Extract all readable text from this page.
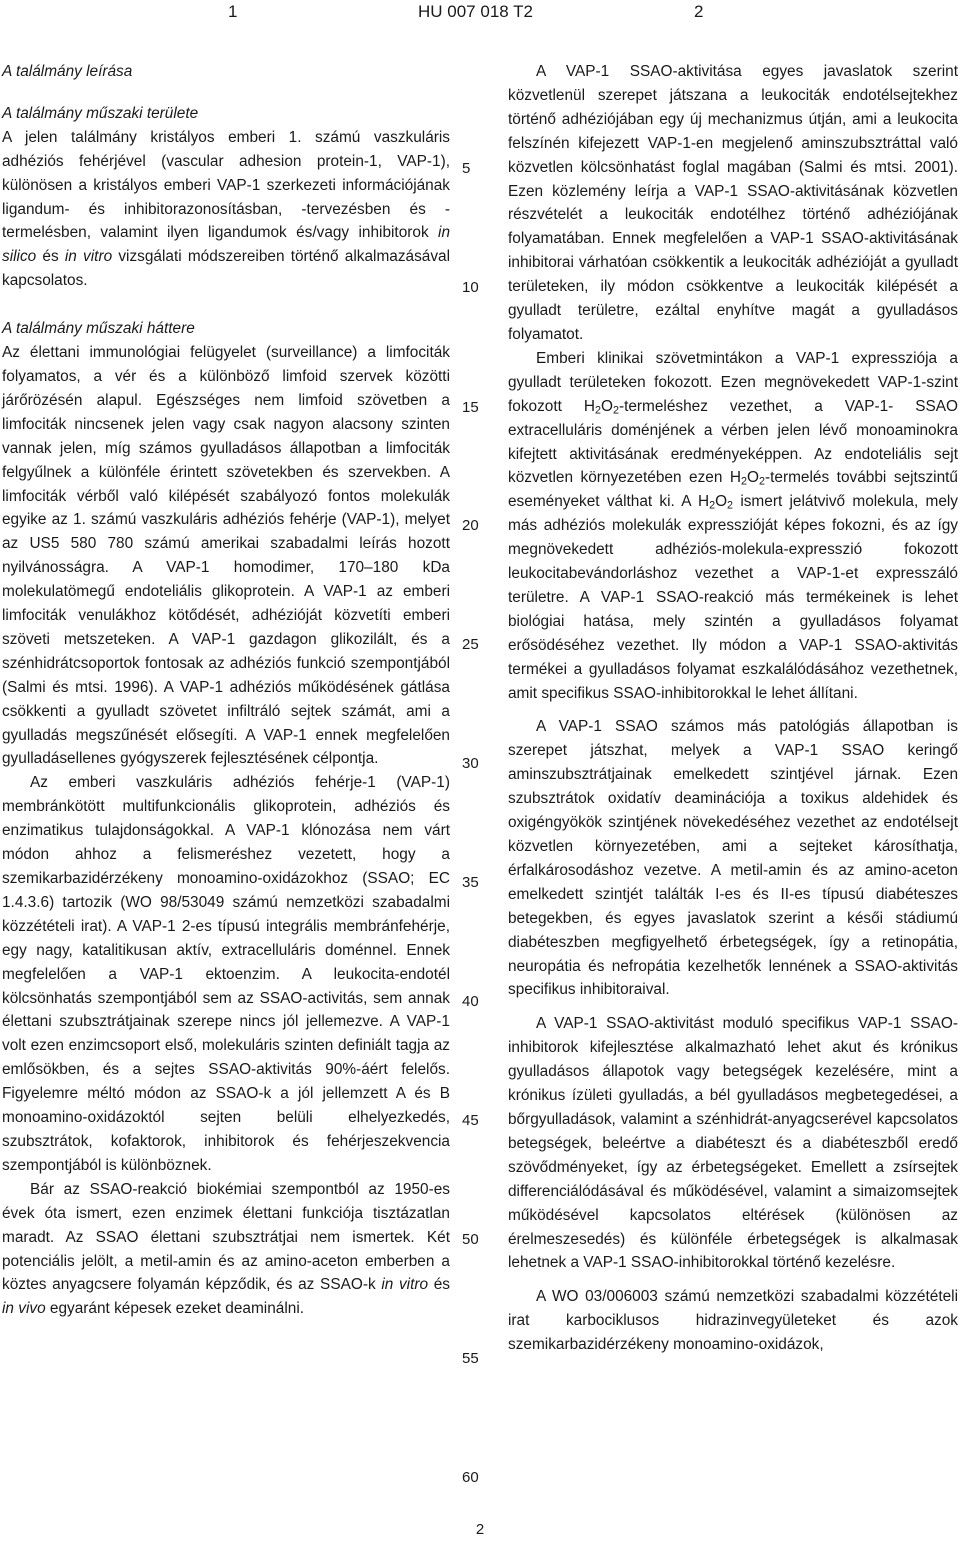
1	HU 007 018 T2	2

A találmány leírása

A találmány műszaki területe

A jelen találmány kristályos emberi 1. számú vaszkuláris adhéziós fehérjével (vascular adhesion protein-1, VAP-1), különösen a kristályos emberi VAP-1 szerkezeti információjának ligandum- és inhibitorazonosításban, -tervezésben és -termelésben, valamint ilyen ligandumok és/vagy inhibitorok in silico és in vitro vizsgálati módszereiben történő alkalmazásával kapcsolatos.

A találmány műszaki háttere

Az élettani immunológiai felügyelet (surveillance) a limfociták folyamatos, a vér és a különböző limfoid szervek közötti járőrözésén alapul. Egészséges nem limfoid szövetben a limfociták nincsenek jelen vagy csak nagyon alacsony szinten vannak jelen, míg számos gyulladásos állapotban a limfociták felgyűlnek a különféle érintett szövetekben és szervekben. A limfociták vérből való kilépését szabályozó fontos molekulák egyike az 1. számú vaszkuláris adhéziós fehérje (VAP-1), melyet az US5 580 780 számú amerikai szabadalmi leírás hozott nyilvánosságra. A VAP-1 homodimer, 170–180 kDa molekulatömegű endoteliális glikoprotein. A VAP-1 az emberi limfociták venulákhoz kötődését, adhézióját közvetíti emberi szöveti metszeteken. A VAP-1 gazdagon glikozilált, és a szénhidrátcsoportok fontosak az adhéziós funkció szempontjából (Salmi és mtsi. 1996). A VAP-1 adhéziós működésének gátlása csökkenti a gyulladt szövetet infiltráló sejtek számát, ami a gyulladás megszűnését elősegíti. A VAP-1 ennek megfelelően gyulladásellenes gyógyszerek fejlesztésének célpontja.

Az emberi vaszkuláris adhéziós fehérje-1 (VAP-1) membránkötött multifunkcionális glikoprotein, adhéziós és enzimatikus tulajdonságokkal. A VAP-1 klónozása nem várt módon ahhoz a felismeréshez vezetett, hogy a szemikarbazidérzékeny monoamino-oxidázokhoz (SSAO; EC 1.4.3.6) tartozik (WO 98/53049 számú nemzetközi szabadalmi közzétételi irat). A VAP-1 2-es típusú integrális membránfehérje, egy nagy, katalitikusan aktív, extracelluláris doménnel. Ennek megfelelően a VAP-1 ektoenzim. A leukocita-endotél kölcsönhatás szempontjából sem az SSAO-activitás, sem annak élettani szubsztrátjainak szerepe nincs jól jellemezve. A VAP-1 volt ezen enzimcsoport első, molekuláris szinten definiált tagja az emlősökben, és a sejtes SSAO-aktivitás 90%-áért felelős. Figyelemre méltó módon az SSAO-k a jól jellemzett A és B monoamino-oxidázoktól sejten belüli elhelyezkedés, szubsztrátok, kofaktorok, inhibitorok és fehérjeszekvencia szempontjából is különböznek.

Bár az SSAO-reakció biokémiai szempontból az 1950-es évek óta ismert, ezen enzimek élettani funkciója tisztázatlan maradt. Az SSAO élettani szubsztrátjai nem ismertek. Két potenciális jelölt, a metil-amin és az amino-aceton emberben a köztes anyagcsere folyamán képződik, és az SSAO-k in vitro és in vivo egyaránt képesek ezeket deaminálni.

A VAP-1 SSAO-aktivitása egyes javaslatok szerint közvetlenül szerepet játszana a leukociták endotélsejtekhez történő adhéziójában egy új mechanizmus útján, ami a leukocita felszínén kifejezett VAP-1-en megjelenő aminszubsztráttal való közvetlen kölcsönhatást foglal magában (Salmi és mtsi. 2001). Ezen közlemény leírja a VAP-1 SSAO-aktivitásának közvetlen részvételét a leukociták endotélhez történő adhéziójának folyamatában. Ennek megfelelően a VAP-1 SSAO-aktivitásának inhibitorai várhatóan csökkentik a leukociták adhézióját a gyulladt területeken, ily módon csökkentve a leukociták kilépését a gyulladt területre, ezáltal enyhítve magát a gyulladásos folyamatot.

Emberi klinikai szövetmintákon a VAP-1 expressziója a gyulladt területeken fokozott. Ezen megnövekedett VAP-1-szint fokozott $H_2O_2$-termeléshez vezethet, a VAP-1- SSAO extracelluláris doménjének a vérben jelen lévő monoaminokra kifejtett aktivitásának eredményeképpen. Az endoteliális sejt közvetlen környezetében ezen $H_2O_2$-termelés további sejtszintű eseményeket válthat ki. A $H_2O_2$ ismert jelátvivő molekula, mely más adhéziós molekulák expresszióját képes fokozni, és az így megnövekedett adhéziós-molekula-expresszió fokozott leukocitabevándorláshoz vezethet a VAP-1-et expresszáló területre. A VAP-1 SSAO-reakció más termékeinek is lehet biológiai hatása, mely szintén a gyulladásos folyamat erősödéséhez vezethet. Ily módon a VAP-1 SSAO-aktivitás termékei a gyulladásos folyamat eszkalálódásához vezethetnek, amit specifikus SSAO-inhibitorokkal le lehet állítani.

A VAP-1 SSAO számos más patológiás állapotban is szerepet játszhat, melyek a VAP-1 SSAO keringő aminszubsztrátjainak emelkedett szintjével járnak. Ezen szubsztrátok oxidatív deaminációja a toxikus aldehidek és oxigéngyökök szintjének növekedéséhez vezethet az endotélsejt közvetlen környezetében, ami a sejteket károsíthatja, érfalkárosodáshoz vezetve. A metil-amin és az amino-aceton emelkedett szintjét találták I-es és II-es típusú diabéteszes betegekben, és egyes javaslatok szerint a késői stádiumú diabéteszben megfigyelhető érbetegségek, így a retinopátia, neuropátia és nefropátia kezelhetők lennének a SSAO-aktivitás specifikus inhibitoraival.

A VAP-1 SSAO-aktivitást moduló specifikus VAP-1 SSAO-inhibitorok kifejlesztése alkalmazható lehet akut és krónikus gyulladásos állapotok vagy betegségek kezelésére, mint a krónikus ízületi gyulladás, a bél gyulladásos megbetegedései, a bőrgyulladások, valamint a szénhidrát-anyagcserével kapcsolatos betegségek, beleértve a diabéteszt és a diabéteszből eredő szövődményeket, így az érbetegségeket. Emellett a zsírsejtek differenciálódásával és működésével, valamint a simaizomsejtek működésével kapcsolatos eltérések (különösen az érelmeszesedés) és különféle érbetegségek is alkalmasak lehetnek a VAP-1 SSAO-inhibitorokkal történő kezelésre.

A WO 03/006003 számú nemzetközi szabadalmi közzétételi irat karbociklusos hidrazinvegyületeket és azok szemikarbazidérzékeny monoamino-oxidázok,

5
10
15
20
25
30
35
40
45
50
55
60
2
